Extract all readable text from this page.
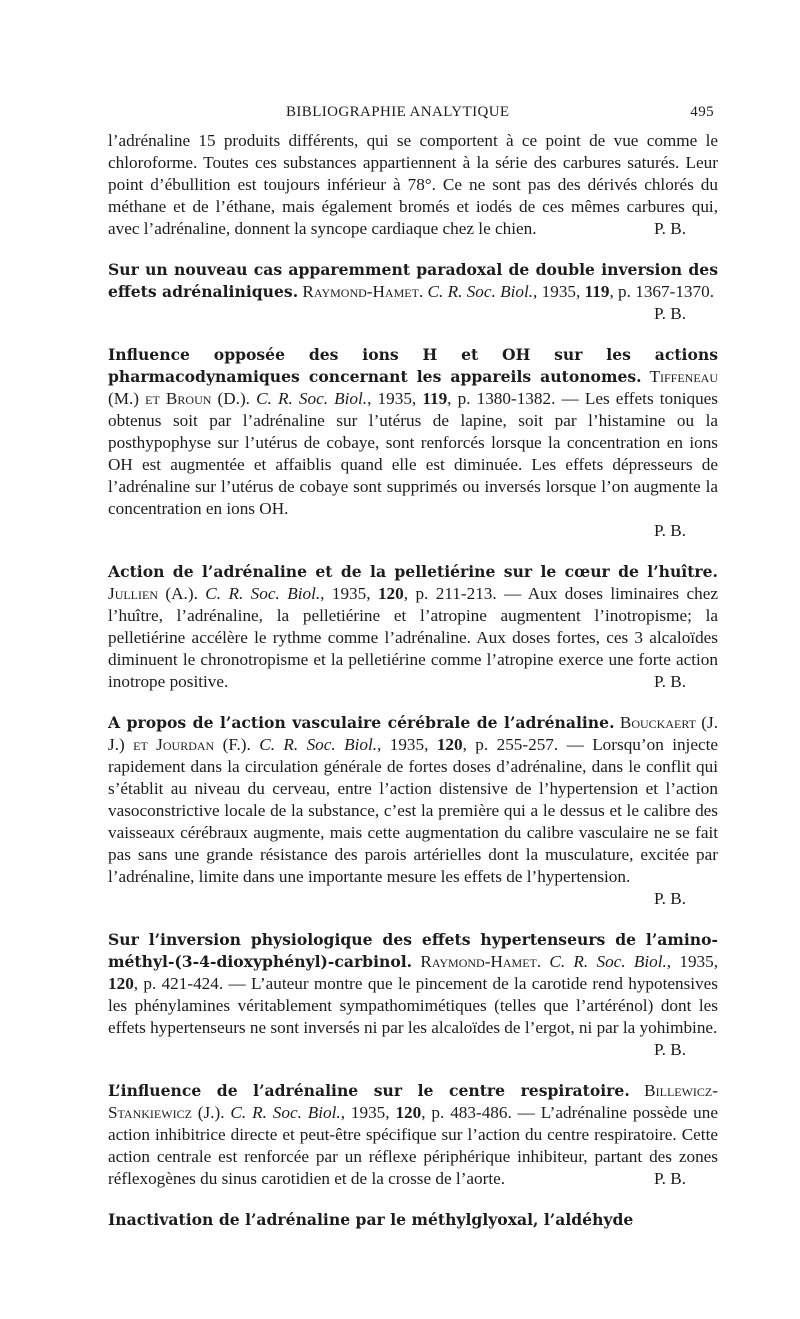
BIBLIOGRAPHIE ANALYTIQUE	495

l’adrénaline 15 produits différents, qui se comportent à ce point de vue comme le chloroforme. Toutes ces substances appartiennent à la série des carbures saturés. Leur point d’ébullition est toujours inférieur à 78°. Ce ne sont pas des dérivés chlorés du méthane et de l’éthane, mais également bromés et iodés de ces mêmes carbures qui, avec l’adrénaline, donnent la syncope cardiaque chez le chien.	P. B.

Sur un nouveau cas apparemment paradoxal de double inversion des effets adrénaliniques. Raymond-Hamet. C. R. Soc. Biol., 1935, 119, p. 1367-1370.
P. B.

Influence opposée des ions H et OH sur les actions pharmacodynamiques concernant les appareils autonomes. Tiffeneau (M.) et Broun (D.). C. R. Soc. Biol., 1935, 119, p. 1380-1382. — Les effets toniques obtenus soit par l’adrénaline sur l’utérus de lapine, soit par l’histamine ou la posthypophyse sur l’utérus de cobaye, sont renforcés lorsque la concentration en ions OH est augmentée et affaiblis quand elle est diminuée. Les effets dépresseurs de l’adrénaline sur l’utérus de cobaye sont supprimés ou inversés lorsque l’on augmente la concentration en ions OH.

P. B.

Action de l’adrénaline et de la pelletiérine sur le cœur de l’huître. Jullien (A.). C. R. Soc. Biol., 1935, 120, p. 211-213. — Aux doses liminaires chez l’huître, l’adrénaline, la pelletiérine et l’atropine augmentent l’inotropisme; la pelletiérine accélère le rythme comme l’adrénaline. Aux doses fortes, ces 3 alcaloïdes diminuent le chronotropisme et la pelletiérine comme l’atropine exerce une forte action inotrope positive.	P. B.

A propos de l’action vasculaire cérébrale de l’adrénaline. Bouckaert (J. J.) et Jourdan (F.). C. R. Soc. Biol., 1935, 120, p. 255-257. — Lorsqu’on injecte rapidement dans la circulation générale de fortes doses d’adrénaline, dans le conflit qui s’établit au niveau du cerveau, entre l’action distensive de l’hypertension et l’action vasoconstrictive locale de la substance, c’est la première qui a le dessus et le calibre des vaisseaux cérébraux augmente, mais cette augmentation du calibre vasculaire ne se fait pas sans une grande résistance des parois artérielles dont la musculature, excitée par l’adrénaline, limite dans une importante mesure les effets de l’hypertension.

P. B.

Sur l’inversion physiologique des effets hypertenseurs de l’amino-méthyl-(3-4-dioxyphényl)-carbinol. Raymond-Hamet. C. R. Soc. Biol., 1935, 120, p. 421-424. — L’auteur montre que le pincement de la carotide rend hypotensives les phénylamines véritablement sympathomimétiques (telles que l’artérénol) dont les effets hypertenseurs ne sont inversés ni par les alcaloïdes de l’ergot, ni par la yohimbine.
P. B.

L’influence de l’adrénaline sur le centre respiratoire. Billewicz-Stankiewicz (J.). C. R. Soc. Biol., 1935, 120, p. 483-486. — L’adrénaline possède une action inhibitrice directe et peut-être spécifique sur l’action du centre respiratoire. Cette action centrale est renforcée par un réflexe périphérique inhibiteur, partant des zones réflexogènes du sinus carotidien et de la crosse de l’aorte.	P. B.

Inactivation de l’adrénaline par le méthylglyoxal, l’aldéhyde
